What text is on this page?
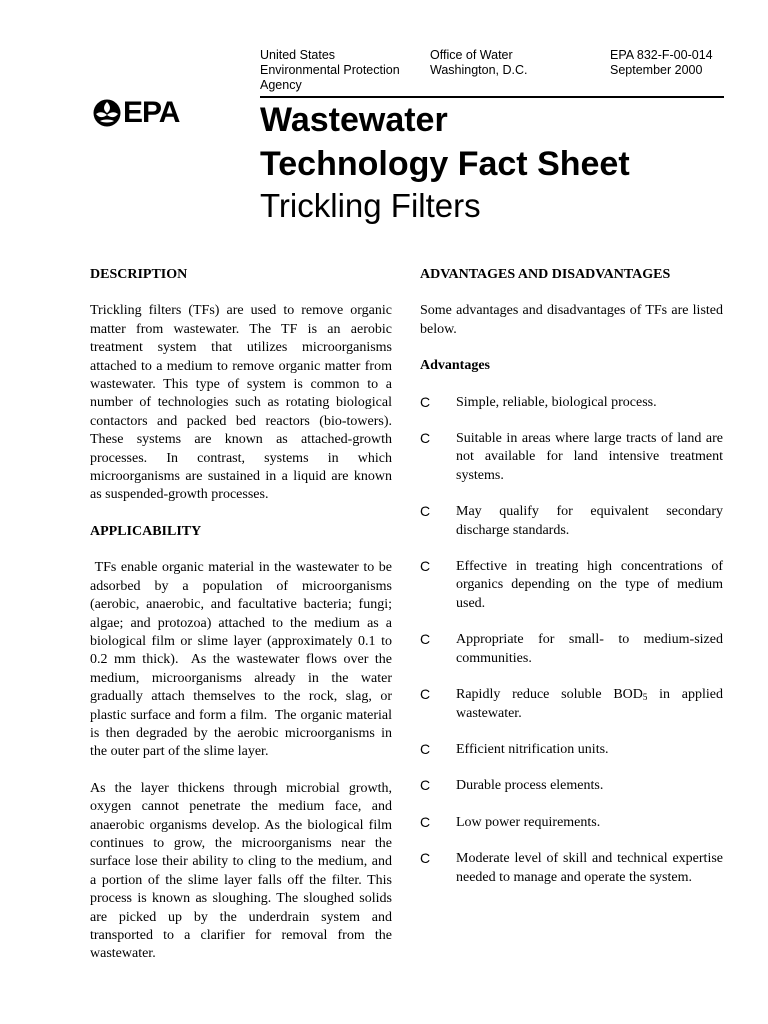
United States
Environmental Protection
Agency
Office of Water
Washington, D.C.
EPA 832-F-00-014
September 2000
EPA Wastewater
Technology Fact Sheet
Trickling Filters
DESCRIPTION

Trickling filters (TFs) are used to remove organic matter from wastewater. The TF is an aerobic treatment system that utilizes microorganisms attached to a medium to remove organic matter from wastewater. This type of system is common to a number of technologies such as rotating biological contactors and packed bed reactors (bio-towers). These systems are known as attached-growth processes. In contrast, systems in which microorganisms are sustained in a liquid are known as suspended-growth processes.

APPLICABILITY

TFs enable organic material in the wastewater to be adsorbed by a population of microorganisms (aerobic, anaerobic, and facultative bacteria; fungi; algae; and protozoa) attached to the medium as a biological film or slime layer (approximately 0.1 to 0.2 mm thick).  As the wastewater flows over the medium, microorganisms already in the water gradually attach themselves to the rock, slag, or plastic surface and form a film.  The organic material is then degraded by the aerobic microorganisms in the outer part of the slime layer.

As the layer thickens through microbial growth, oxygen cannot penetrate the medium face, and anaerobic organisms develop. As the biological film continues to grow, the microorganisms near the surface lose their ability to cling to the medium, and a portion of the slime layer falls off the filter. This process is known as sloughing. The sloughed solids are picked up by the underdrain system and transported to a clarifier for removal from the wastewater.

ADVANTAGES AND DISADVANTAGES

Some advantages and disadvantages of TFs are listed below.

Advantages
C Simple, reliable, biological process.
C Suitable in areas where large tracts of land are not available for land intensive treatment systems.
C May qualify for equivalent secondary discharge standards.
C Effective in treating high concentrations of organics depending on the type of medium used.
C Appropriate for small- to medium-sized communities.
C Rapidly reduce soluble $BOD_5$ in applied wastewater.
C Efficient nitrification units.
C Durable process elements.
C Low power requirements.
C Moderate level of skill and technical expertise needed to manage and operate the system.
